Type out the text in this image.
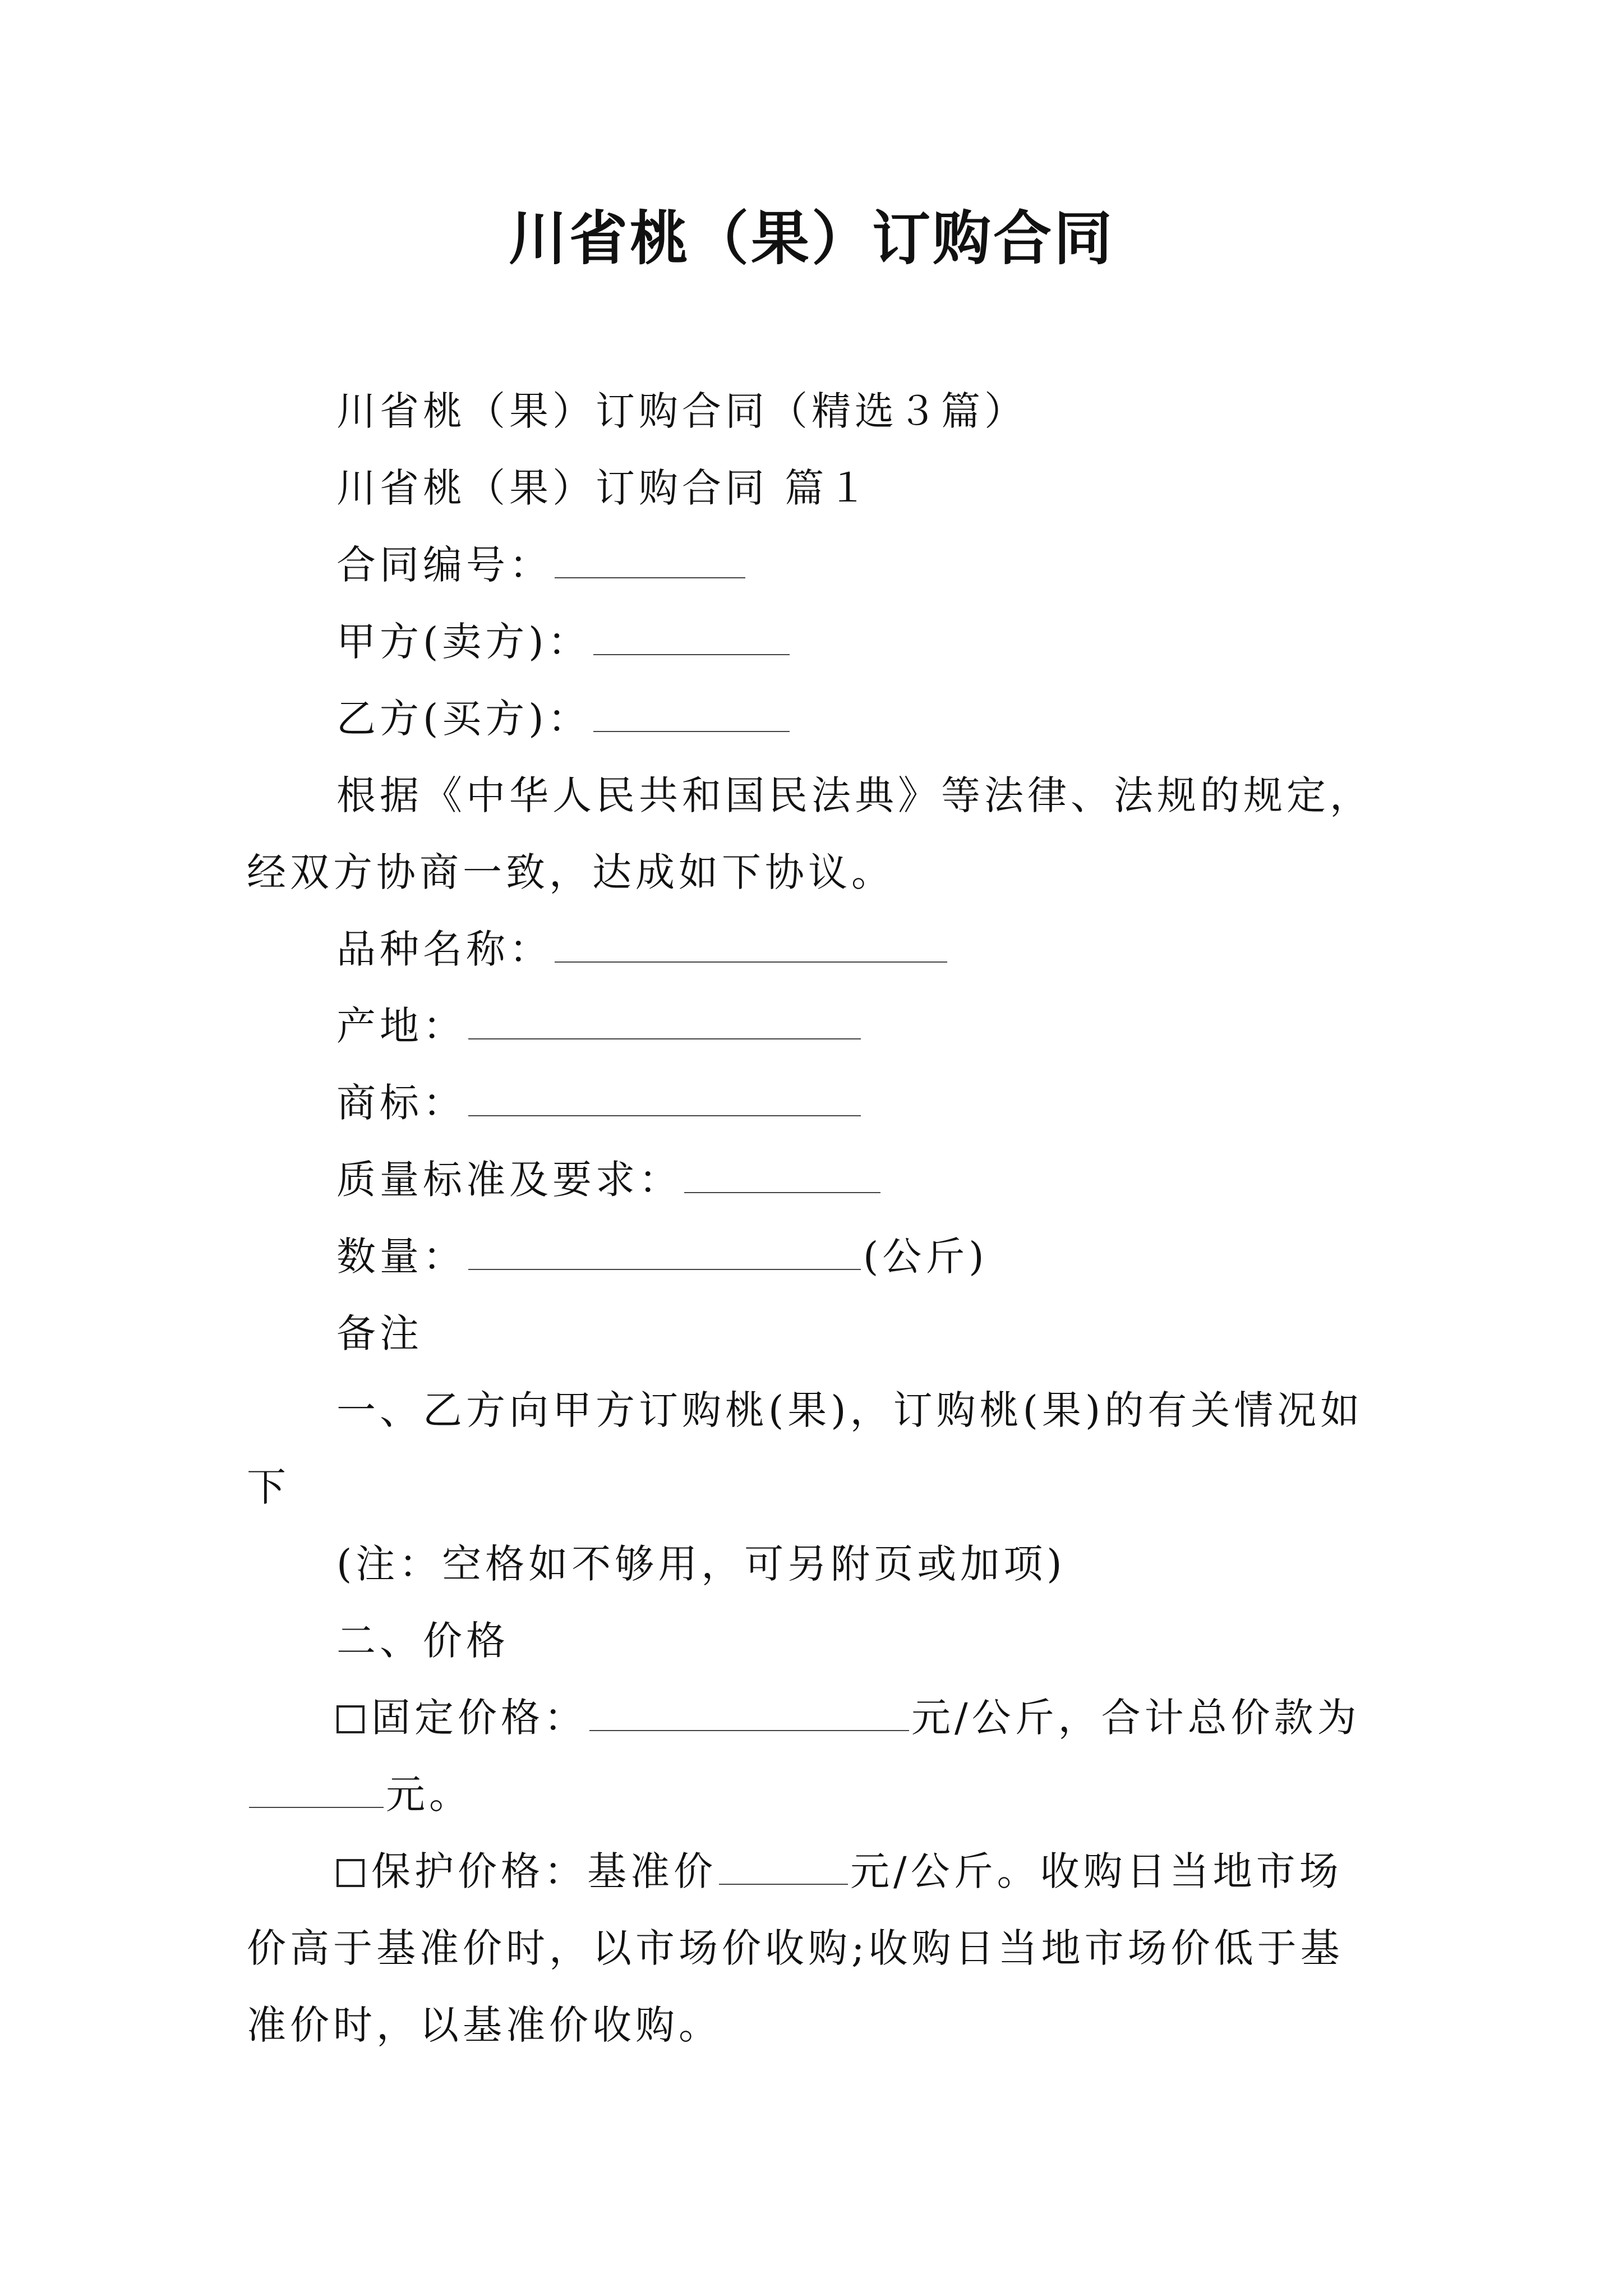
川省桃（果）订购合同

川省桃（果）订购合同（精选３篇）

川省桃（果）订购合同 篇１

合同编号：

甲方(卖方)：

乙方(买方)：

根据《中华人民共和国民法典》等法律、法规的规定，经双方协商一致，达成如下协议。

品种名称：

产地：

商标：

质量标准及要求：

数量：	(公斤)

备注

一、乙方向甲方订购桃(果)，订购桃(果)的有关情况如下

(注：空格如不够用，可另附页或加项)

二、价格

固定价格：	元/公斤，合计总价款为元。

保护价格：基准价	元/公斤。收购日当地市场价高于基准价时，以市场价收购;收购日当地市场价低于基准价时，以基准价收购。
